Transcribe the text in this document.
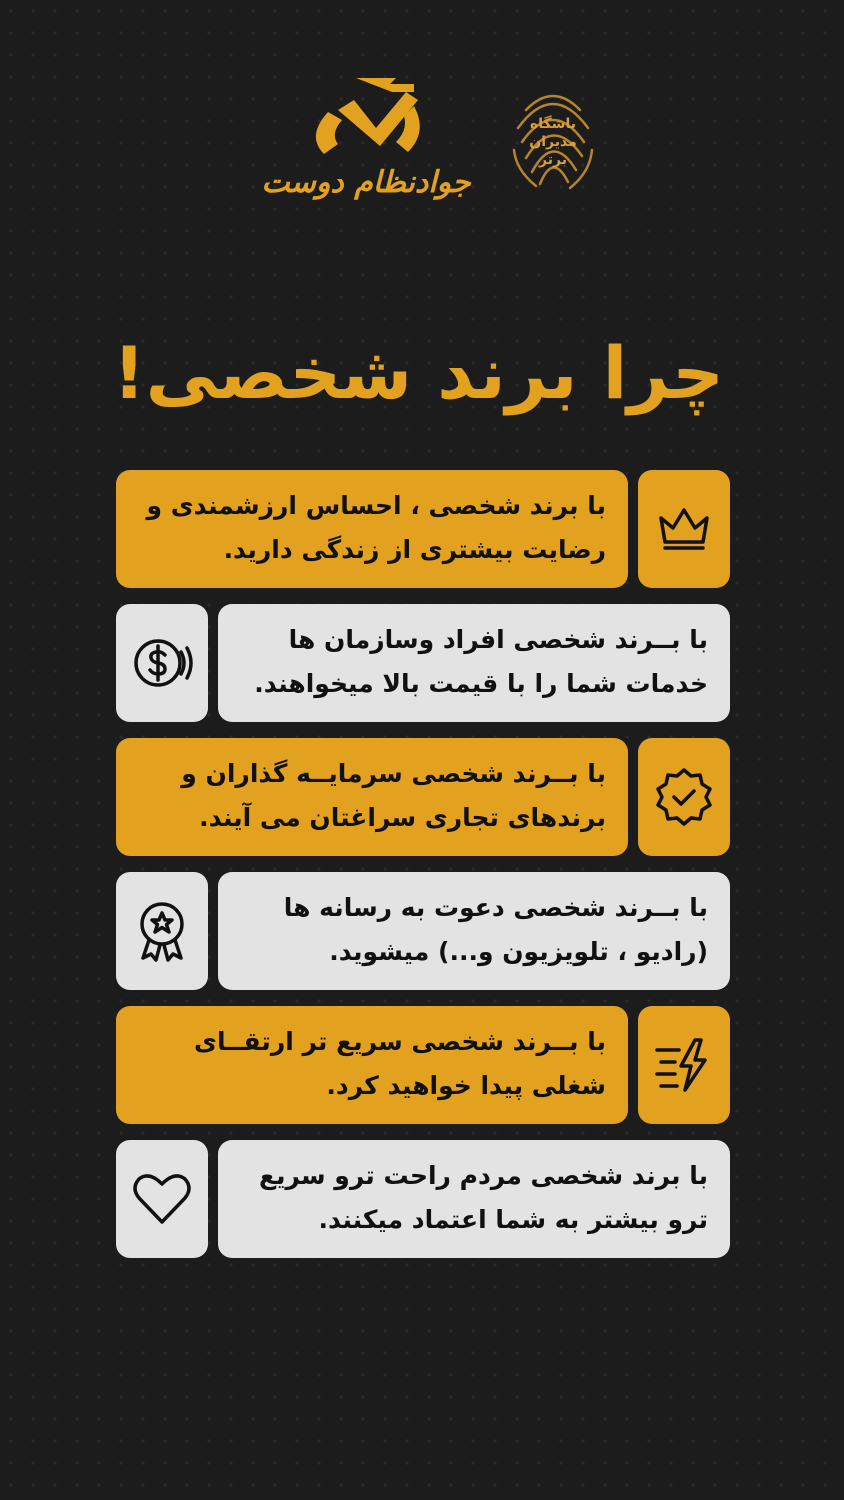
جوادنظام دوست
باشگاه
مدیران
برتر
چرا برند شخصی!
با برند شخصی ، احساس ارزشمندی و
رضایت بیشتری از زندگی دارید.
با بــرند شخصی افراد وسازمان ها
خدمات شما را با قیمت بالا میخواهند.
با بــرند شخصی سرمایــه گذاران و
برندهای تجاری سراغتان می آیند.
با بــرند شخصی دعوت به رسانه ها
(رادیو ، تلویزیون و...) میشوید.
با بــرند شخصی سریع تر ارتقــای
شغلی پیدا خواهید کرد.
با برند شخصی مردم راحت ترو سریع
ترو بیشتر به شما اعتماد میکنند.
